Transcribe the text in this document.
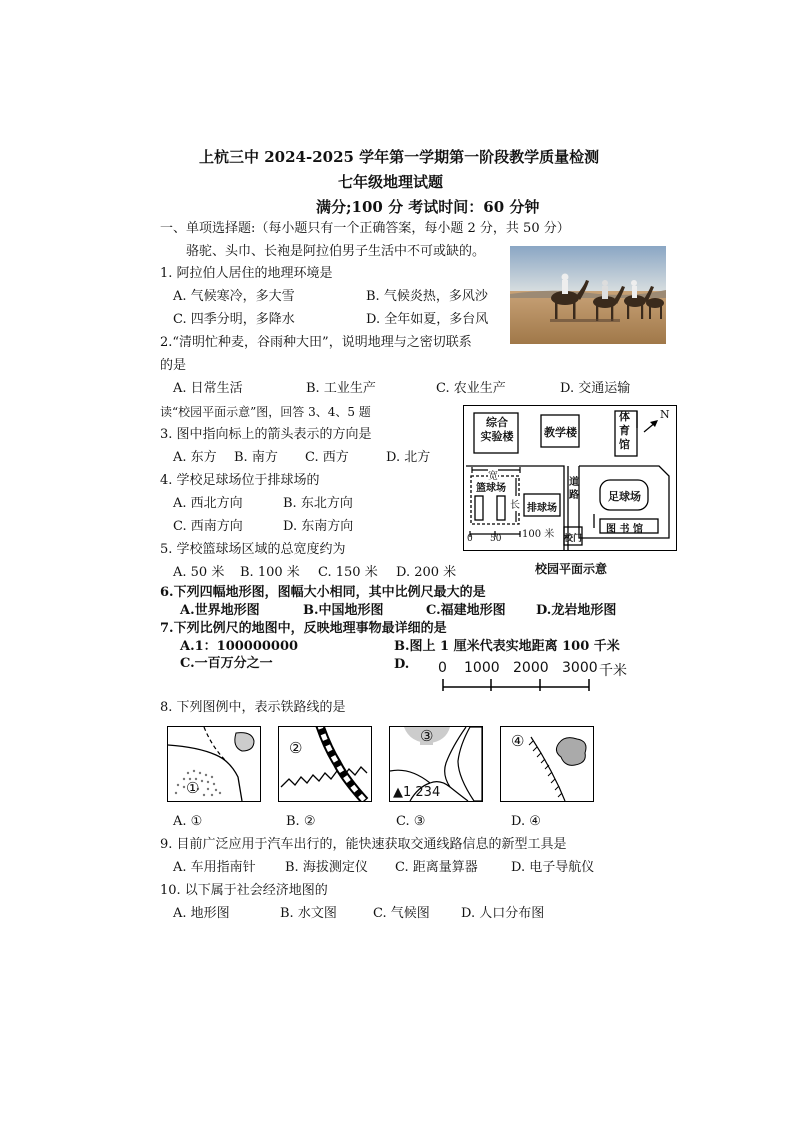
上杭三中 2024-2025 学年第一学期第一阶段教学质量检测
七年级地理试题
满分;100 分 考试时间：60 分钟
一、单项选择题:（每小题只有一个正确答案，每小题 2 分，共 50 分）
骆驼、头巾、长袍是阿拉伯男子生活中不可或缺的。
1. 阿拉伯人居住的地理环境是
A. 气候寒冷，多大雪	B. 气候炎热，多风沙
C. 四季分明，多降水	D. 全年如夏，多台风
2.“清明忙种麦，谷雨种大田”，说明地理与之密切联系
的是
A. 日常生活	B. 工业生产	C. 农业生产	D. 交通运输
读“校园平面示意”图，回答 3、4、5 题
3. 图中指向标上的箭头表示的方向是
A. 东方 B. 南方 C. 西方	D. 北方
4. 学校足球场位于排球场的
A. 西北方向	B. 东北方向
C. 西南方向	D. 东南方向
5. 学校篮球场区域的总宽度约为
A. 50 米 B. 100 米 C. 150 米 D. 200 米
综合
实验楼	教学楼
体
育
馆
N
宽
篮球场
长
道
路
排球场
足球场
图 书 馆
校门
0 50 100 米
校园平面示意
6.下列四幅地形图，图幅大小相同，其中比例尺最大的是
A.世界地形图	B.中国地形图	C.福建地形图 D.龙岩地形图
7.下列比例尺的地图中，反映地理事物最详细的是
A.1：100000000	B.图上 1 厘米代表实地距离 100 千米
C.一百万分之一	D. 0 1000 2000 3000 千米
8. 下列图例中，表示铁路线的是
①
②
③
▲1 234
④
A. ①	B. ②	C. ③	D. ④
9. 目前广泛应用于汽车出行的，能快速获取交通线路信息的新型工具是
A. 车用指南针 B. 海拔测定仪 C. 距离量算器	D. 电子导航仪
10. 以下属于社会经济地图的
A. 地形图	B. 水文图	C. 气候图 D. 人口分布图
